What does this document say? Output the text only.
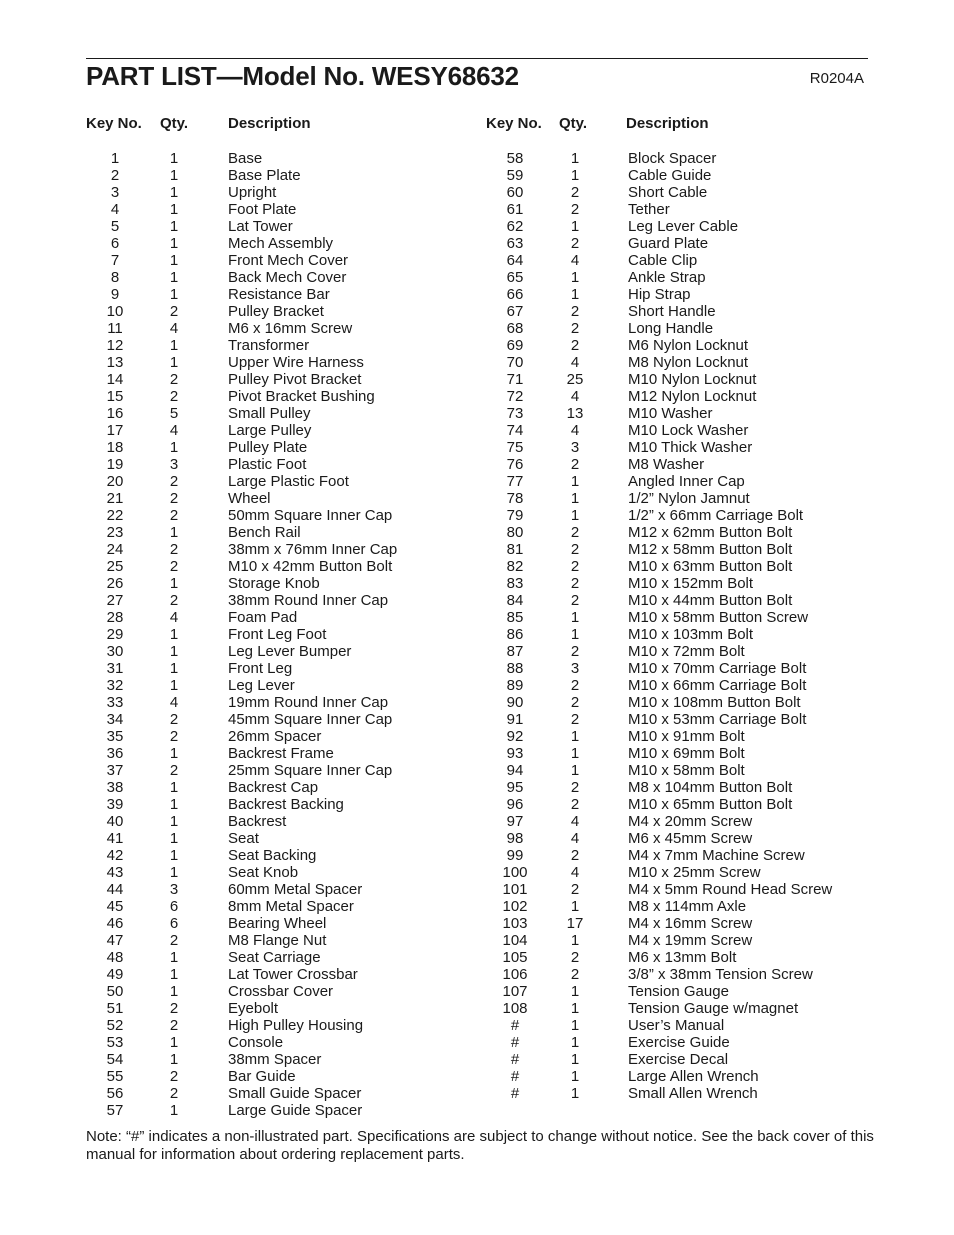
PART LIST—Model No. WESY68632	R0204A
Key No. Qty.	Description
1	1	Base
2	1	Base Plate
3	1	Upright
4	1	Foot Plate
5	1	Lat Tower
6	1	Mech Assembly
7	1	Front Mech Cover
8	1	Back Mech Cover
9	1	Resistance Bar
10	2	Pulley Bracket
11	4	M6 x 16mm Screw
12	1	Transformer
13	1	Upper Wire Harness
14	2	Pulley Pivot Bracket
15	2	Pivot Bracket Bushing
16	5	Small Pulley
17	4	Large Pulley
18	1	Pulley Plate
19	3	Plastic Foot
20	2	Large Plastic Foot
21	2	Wheel
22	2	50mm Square Inner Cap
23	1	Bench Rail
24	2	38mm x 76mm Inner Cap
25	2	M10 x 42mm Button Bolt
26	1	Storage Knob
27	2	38mm Round Inner Cap
28	4	Foam Pad
29	1	Front Leg Foot
30	1	Leg Lever Bumper
31	1	Front Leg
32	1	Leg Lever
33	4	19mm Round Inner Cap
34	2	45mm Square Inner Cap
35	2	26mm Spacer
36	1	Backrest Frame
37	2	25mm Square Inner Cap
38	1	Backrest Cap
39	1	Backrest Backing
40	1	Backrest
41	1	Seat
42	1	Seat Backing
43	1	Seat Knob
44	3	60mm Metal Spacer
45	6	8mm Metal Spacer
46	6	Bearing Wheel
47	2	M8 Flange Nut
48	1	Seat Carriage
49	1	Lat Tower Crossbar
50	1	Crossbar Cover
51	2	Eyebolt
52	2	High Pulley Housing
53	1	Console
54	1	38mm Spacer
55	2	Bar Guide
56	2	Small Guide Spacer
57	1	Large Guide Spacer
Key No. Qty.	Description
58	1	Block Spacer
59	1	Cable Guide
60	2	Short Cable
61	2	Tether
62	1	Leg Lever Cable
63	2	Guard Plate
64	4	Cable Clip
65	1	Ankle Strap
66	1	Hip Strap
67	2	Short Handle
68	2	Long Handle
69	2	M6 Nylon Locknut
70	4	M8 Nylon Locknut
71	25	M10 Nylon Locknut
72	4	M12 Nylon Locknut
73	13	M10 Washer
74	4	M10 Lock Washer
75	3	M10 Thick Washer
76	2	M8 Washer
77	1	Angled Inner Cap
78	1	1/2” Nylon Jamnut
79	1	1/2” x 66mm Carriage Bolt
80	2	M12 x 62mm Button Bolt
81	2	M12 x 58mm Button Bolt
82	2	M10 x 63mm Button Bolt
83	2	M10 x 152mm Bolt
84	2	M10 x 44mm Button Bolt
85	1	M10 x 58mm Button Screw
86	1	M10 x 103mm Bolt
87	2	M10 x 72mm Bolt
88	3	M10 x 70mm Carriage Bolt
89	2	M10 x 66mm Carriage Bolt
90	2	M10 x 108mm Button Bolt
91	2	M10 x 53mm Carriage Bolt
92	1	M10 x 91mm Bolt
93	1	M10 x 69mm Bolt
94	1	M10 x 58mm Bolt
95	2	M8 x 104mm Button Bolt
96	2	M10 x 65mm Button Bolt
97	4	M4 x 20mm Screw
98	4	M6 x 45mm Screw
99	2	M4 x 7mm Machine Screw
100	4	M10 x 25mm Screw
101	2	M4 x 5mm Round Head Screw
102	1	M8 x 114mm Axle
103	17	M4 x 16mm Screw
104	1	M4 x 19mm Screw
105	2	M6 x 13mm Bolt
106	2	3/8” x 38mm Tension Screw
107	1	Tension Gauge
108	1	Tension Gauge w/magnet
#	1	User’s Manual
#	1	Exercise Guide
#	1	Exercise Decal
#	1	Large Allen Wrench
#	1	Small Allen Wrench
Note: “#” indicates a non-illustrated part. Specifications are subject to change without notice. See the back cover of this manual for information about ordering replacement parts.
